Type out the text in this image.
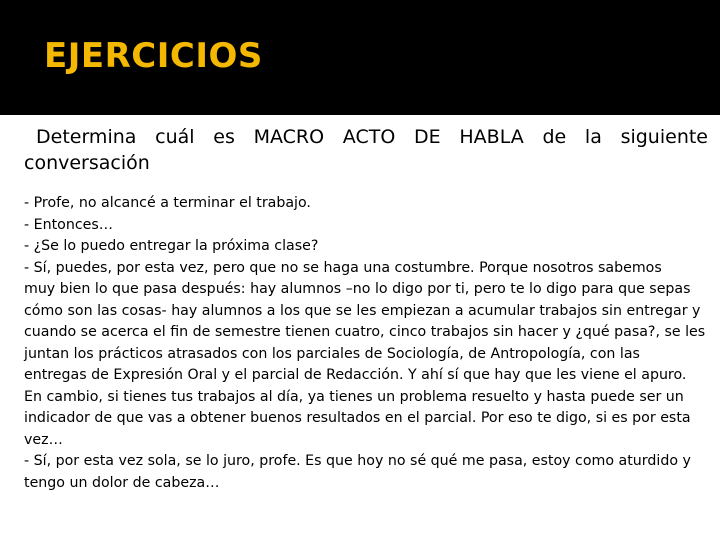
EJERCICIOS

Determina cuál es MACRO ACTO DE HABLA de la siguiente conversación

- Profe, no alcancé a terminar el trabajo.
- Entonces…
- ¿Se lo puedo entregar la próxima clase?
- Sí, puedes, por esta vez, pero que no se haga una costumbre. Porque nosotros sabemos
muy bien lo que pasa después: hay alumnos –no lo digo por ti, pero te lo digo para que sepas
cómo son las cosas- hay alumnos a los que se les empiezan a acumular trabajos sin entregar y
cuando se acerca el fin de semestre tienen cuatro, cinco trabajos sin hacer y ¿qué pasa?, se les
juntan los prácticos atrasados con los parciales de Sociología, de Antropología, con las
entregas de Expresión Oral y el parcial de Redacción. Y ahí sí que hay que les viene el apuro.
En cambio, si tienes tus trabajos al día, ya tienes un problema resuelto y hasta puede ser un
indicador de que vas a obtener buenos resultados en el parcial. Por eso te digo, si es por esta
vez…
- Sí, por esta vez sola, se lo juro, profe. Es que hoy no sé qué me pasa, estoy como aturdido y
tengo un dolor de cabeza…
